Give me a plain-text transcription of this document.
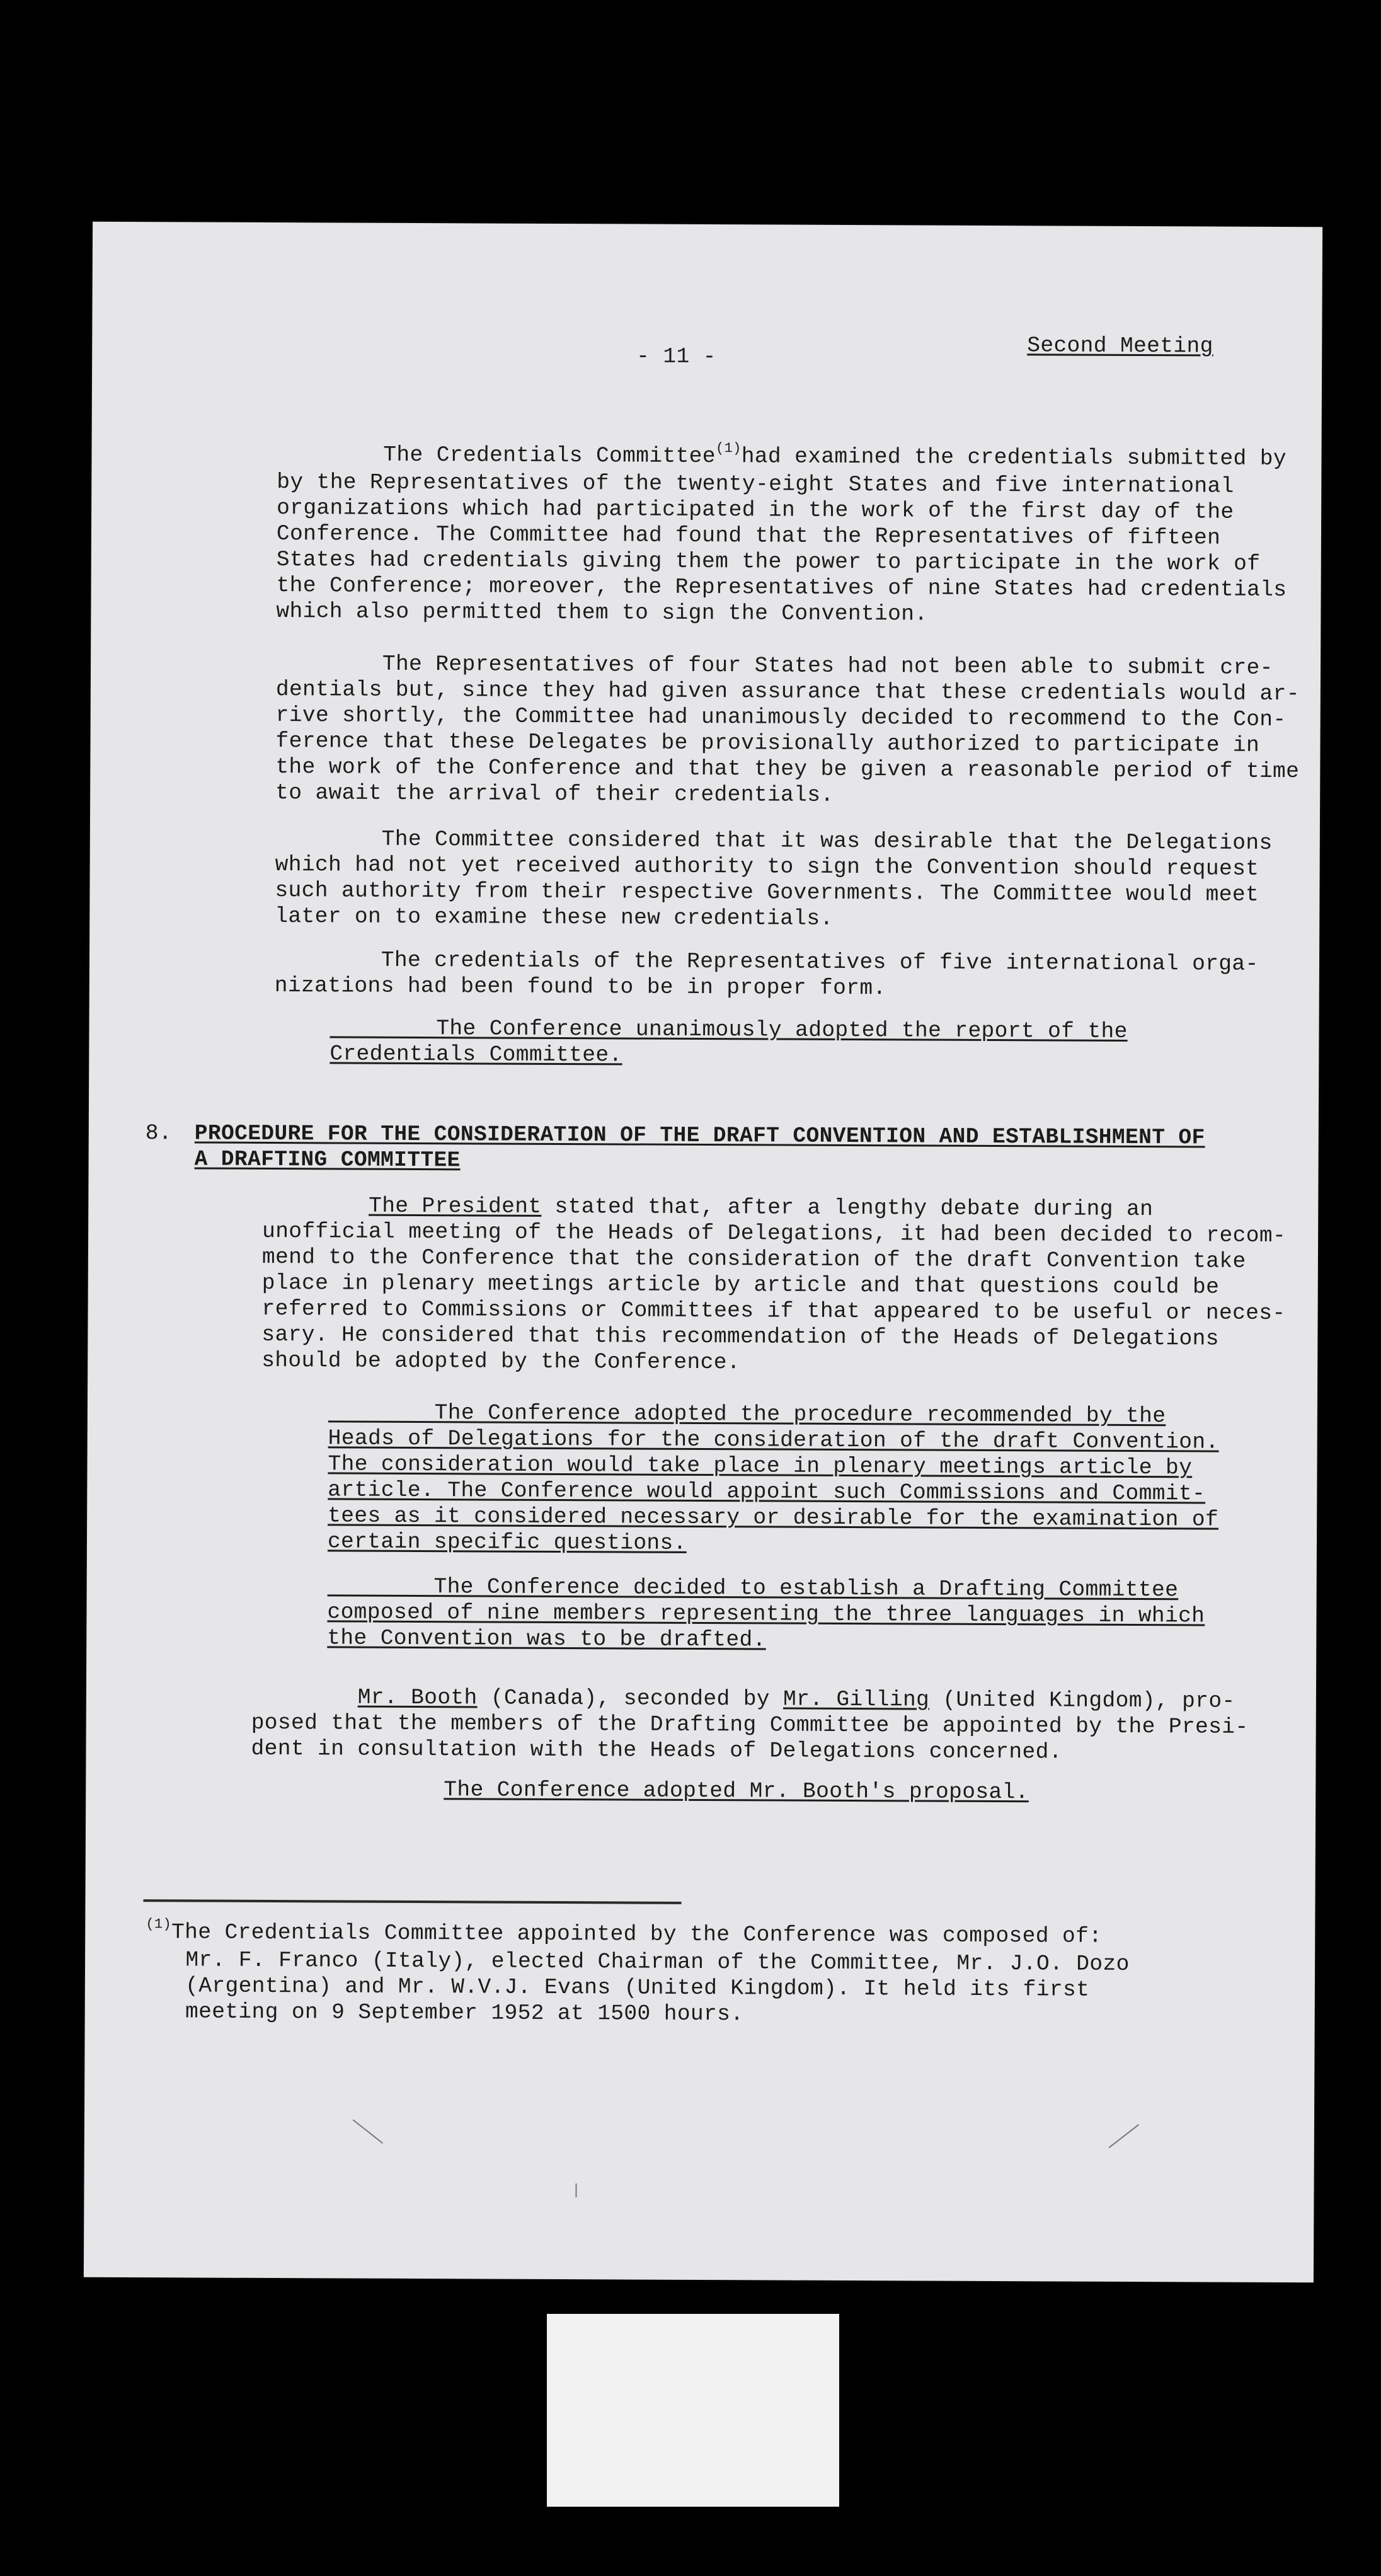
- 11 -	Second Meeting
The Credentials Committee$^{(1)}$had examined the credentials submitted by
by the Representatives of the twenty-eight States and five international
organizations which had participated in the work of the first day of the
Conference. The Committee had found that the Representatives of fifteen
States had credentials giving them the power to participate in the work of
the Conference; moreover, the Representatives of nine States had credentials
which also permitted them to sign the Convention.
The Representatives of four States had not been able to submit cre-
dentials but, since they had given assurance that these credentials would ar-
rive shortly, the Committee had unanimously decided to recommend to the Con-
ference that these Delegates be provisionally authorized to participate in
the work of the Conference and that they be given a reasonable period of time
to await the arrival of their credentials.
The Committee considered that it was desirable that the Delegations
which had not yet received authority to sign the Convention should request
such authority from their respective Governments. The Committee would meet
later on to examine these new credentials.
The credentials of the Representatives of five international orga-
nizations had been found to be in proper form.
The Conference unanimously adopted the report of the
Credentials Committee.
8. PROCEDURE FOR THE CONSIDERATION OF THE DRAFT CONVENTION AND ESTABLISHMENT OF
A DRAFTING COMMITTEE
The President stated that, after a lengthy debate during an
unofficial meeting of the Heads of Delegations, it had been decided to recom-
mend to the Conference that the consideration of the draft Convention take
place in plenary meetings article by article and that questions could be
referred to Commissions or Committees if that appeared to be useful or neces-
sary. He considered that this recommendation of the Heads of Delegations
should be adopted by the Conference.
The Conference adopted the procedure recommended by the
Heads of Delegations for the consideration of the draft Convention.
The consideration would take place in plenary meetings article by
article. The Conference would appoint such Commissions and Commit-
tees as it considered necessary or desirable for the examination of
certain specific questions.
The Conference decided to establish a Drafting Committee
composed of nine members representing the three languages in which
the Convention was to be drafted.
Mr. Booth (Canada), seconded by Mr. Gilling (United Kingdom), pro-
posed that the members of the Drafting Committee be appointed by the Presi-
dent in consultation with the Heads of Delegations concerned.
The Conference adopted Mr. Booth's proposal.
$^{(1)}$The Credentials Committee appointed by the Conference was composed of:
Mr. F. Franco (Italy), elected Chairman of the Committee, Mr. J.O. Dozo
(Argentina) and Mr. W.V.J. Evans (United Kingdom). It held its first
meeting on 9 September 1952 at 1500 hours.
